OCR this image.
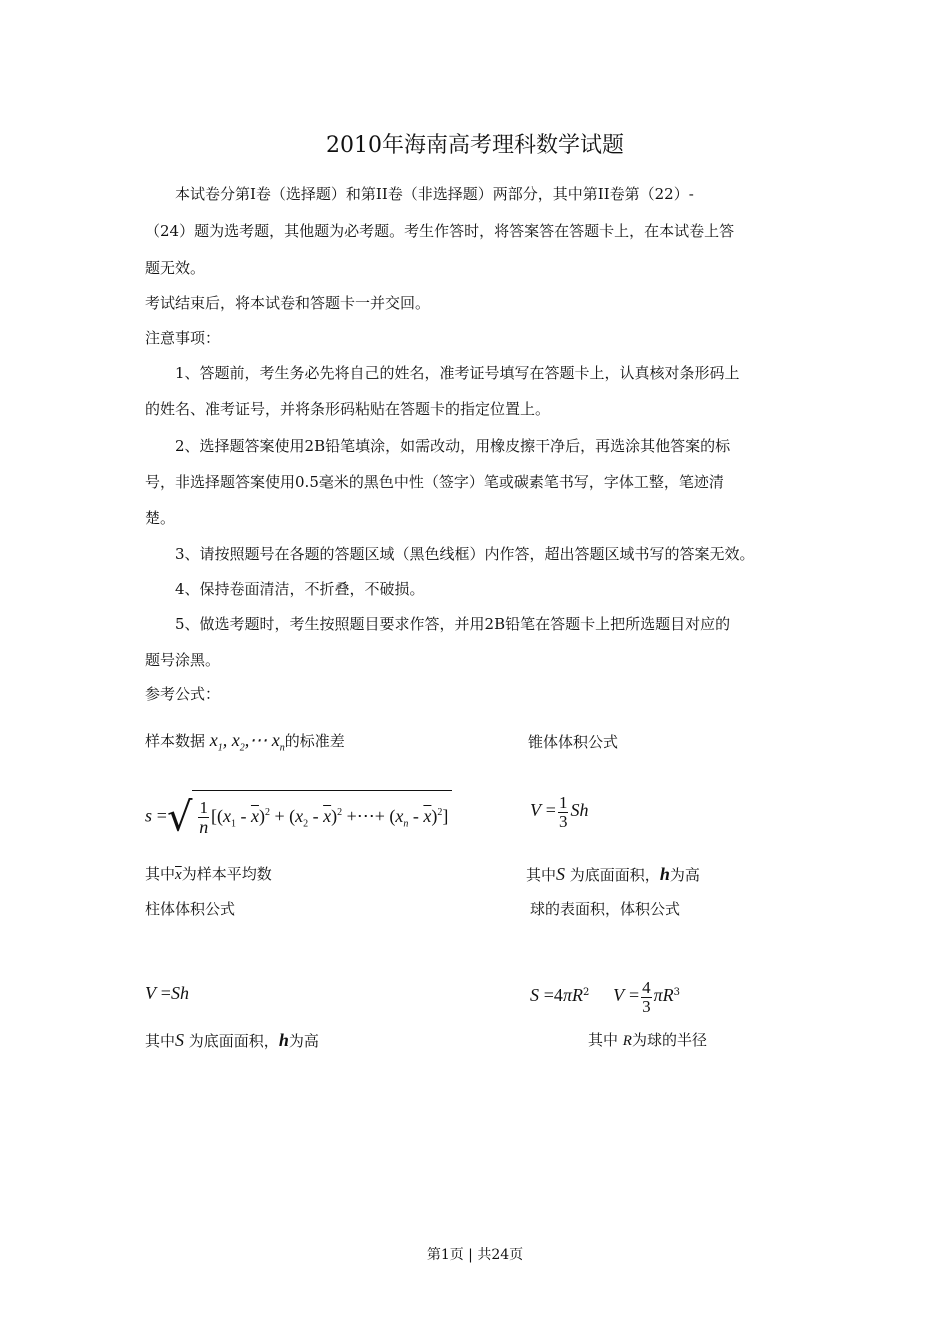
2010年海南高考理科数学试题
本试卷分第Ⅰ卷（选择题）和第ⅠⅠ卷（非选择题）两部分，其中第ⅠⅠ卷第（22）-
（24）题为选考题，其他题为必考题。考生作答时，将答案答在答题卡上，在本试卷上答
题无效。
考试结束后，将本试卷和答题卡一并交回。
注意事项：
1、答题前，考生务必先将自己的姓名，准考证号填写在答题卡上，认真核对条形码上
的姓名、准考证号，并将条形码粘贴在答题卡的指定位置上。
2、选择题答案使用2B铅笔填涂，如需改动，用橡皮擦干净后，再选涂其他答案的标
号，非选择题答案使用0.5毫米的黑色中性（签字）笔或碳素笔书写，字体工整，笔迹清
楚。
3、请按照题号在各题的答题区域（黑色线框）内作答，超出答题区域书写的答案无效。
4、保持卷面清洁，不折叠，不破损。
5、做选考题时，考生按照题目要求作答，并用2B铅笔在答题卡上把所选题目对应的
题号涂黑。
参考公式：
样本数据 $x_1$, $x_2,\cdots$ $x_n$的标准差	锥体体积公式
s =√ $\frac{1}{n} [(x_1 - \overline{x})^2 + (x_2 - \overline{x})^2$ +⋯+ $(x_n - \overline{x})^2$]	$V = \frac{1}{3}$ Sh
其中$\overline{x}$为样本平均数	其中S 为底面面积，h为高
柱体体积公式	球的表面积，体积公式
V =Sh	$S =4\pi R^2$ $V = \frac{4}{3} \pi R^3$
其中S 为底面面积，h为高	其中 R为球的半径
第1页 | 共24页
